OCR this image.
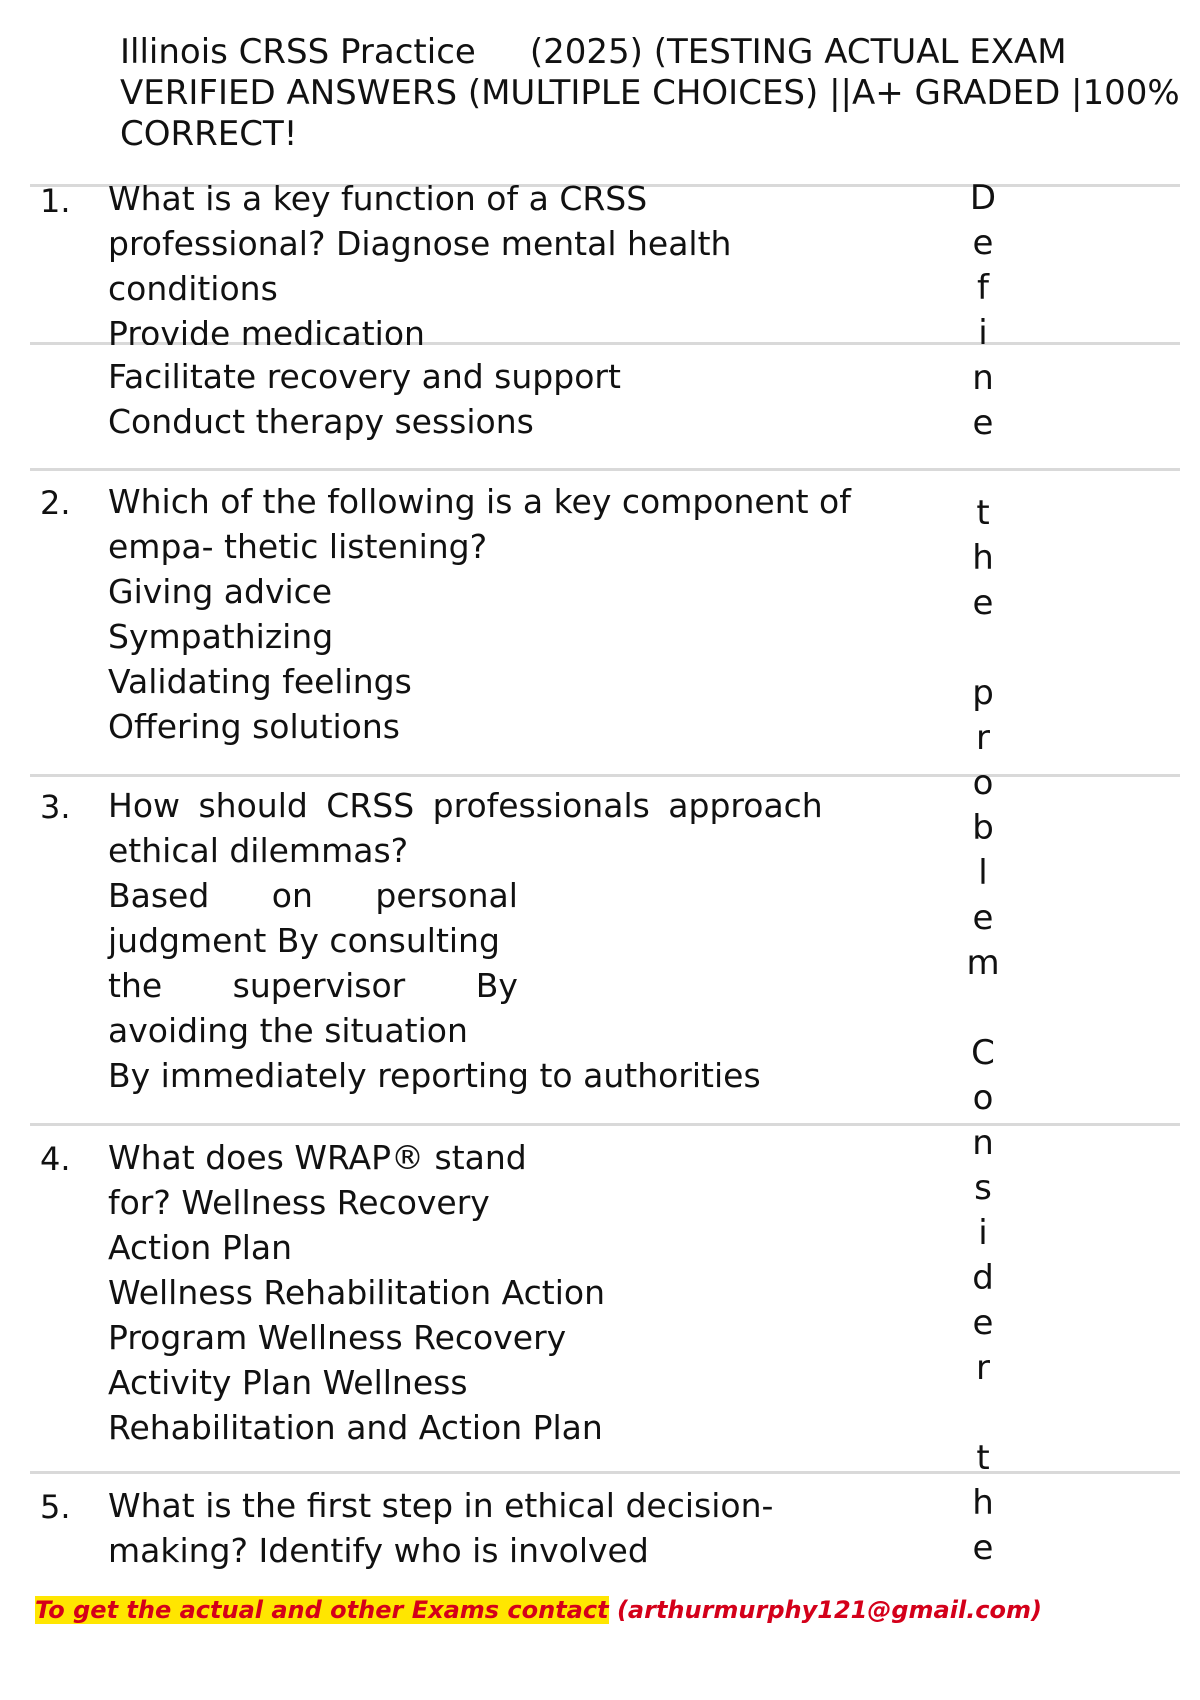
Illinois CRSS Practice     (2025) (TESTING ACTUAL EXAM
VERIFIED ANSWERS (MULTIPLE CHOICES) ||A+ GRADED |100%
CORRECT!
1. What is a key function of a CRSS
professional? Diagnose mental health
conditions
Provide medication
Facilitate recovery and support
Conduct therapy sessions
2. Which of the following is a key component of
empa- thetic listening?
Giving advice
Sympathizing
Validating feelings
Offering solutions
3. How should CRSS professionals approach
ethical dilemmas?
Based on personal
judgment By consulting
the supervisor By
avoiding the situation
By immediately reporting to authorities
4. What does WRAP® stand
for? Wellness Recovery
Action Plan
Wellness Rehabilitation Action
Program Wellness Recovery
Activity Plan Wellness
Rehabilitation and Action Plan
5. What is the first step in ethical decision-
making? Identify who is involved
D
e
f
i
n
e
t
h
e
p
r
o
b
l
e
m
C
o
n
s
i
d
e
r
t
h
e
To get the actual and other Exams contact (arthurmurphy121@gmail.com)
